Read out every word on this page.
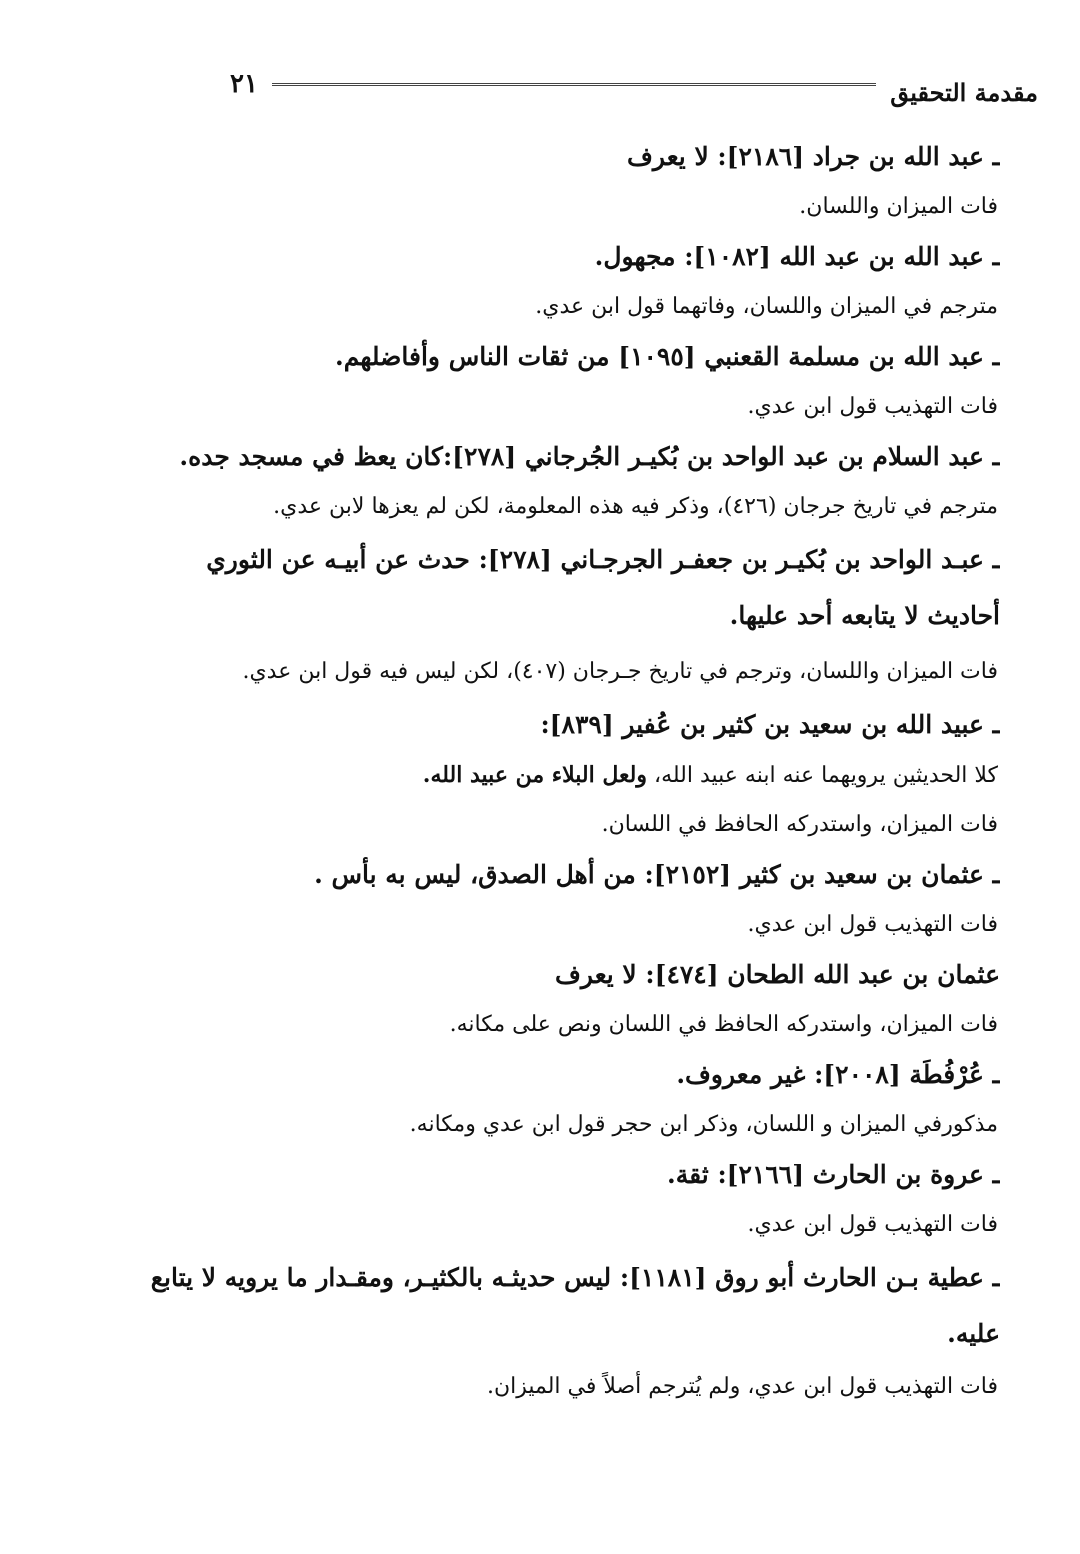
مقدمة التحقيق
٢١
ـ عبد الله بن جراد [٢١٨٦]: لا يعرف
فات الميزان واللسان.
ـ عبد الله بن عبد الله [١٠٨٢]: مجهول.
مترجم في الميزان واللسان، وفاتهما قول ابن عدي.
ـ عبد الله بن مسلمة القعنبي [١٠٩٥] من ثقات الناس وأفاضلهم.
فات التهذيب قول ابن عدي.
ـ عبد السلام بن عبد الواحد بن بُكيـر الجُرجاني [٢٧٨]:كان يعظ في مسجد جده.
مترجم في تاريخ جرجان (٤٢٦)، وذكر فيه هذه المعلومة، لكن لم يعزها لابن عدي.
ـ عبـد الواحد بن بُكيـر بن جعفـر الجرجـاني [٢٧٨]: حدث عن أبيـه عن الثوري أحاديث لا يتابعه أحد عليها.
فات الميزان واللسان، وترجم في تاريخ جـرجان (٤٠٧)، لكن ليس فيه قول ابن عدي.
ـ عبيد الله بن سعيد بن كثير بن عُفير [٨٣٩]:
كلا الحديثين يرويهما عنه ابنه عبيد الله، ولعل البلاء من عبيد الله.
فات الميزان، واستدركه الحافظ في اللسان.
ـ عثمان بن سعيد بن كثير [٢١٥٢]: من أهل الصدق، ليس به بأس .
فات التهذيب قول ابن عدي.
عثمان بن عبد الله الطحان [٤٧٤]: لا يعرف
فات الميزان، واستدركه الحافظ في اللسان ونص على مكانه.
ـ عُرْفُطَة [٢٠٠٨]: غير معروف.
مذكورفي الميزان و اللسان، وذكر ابن حجر قول ابن عدي ومكانه.
ـ عروة بن الحارث [٢١٦٦]: ثقة.
فات التهذيب قول ابن عدي.
ـ عطية بـن الحارث أبو روق [١١٨١]: ليس حديثـه بالكثيـر، ومقـدار ما يرويه لا يتابع عليه.
فات التهذيب قول ابن عدي، ولم يُترجم أصلاً في الميزان.
